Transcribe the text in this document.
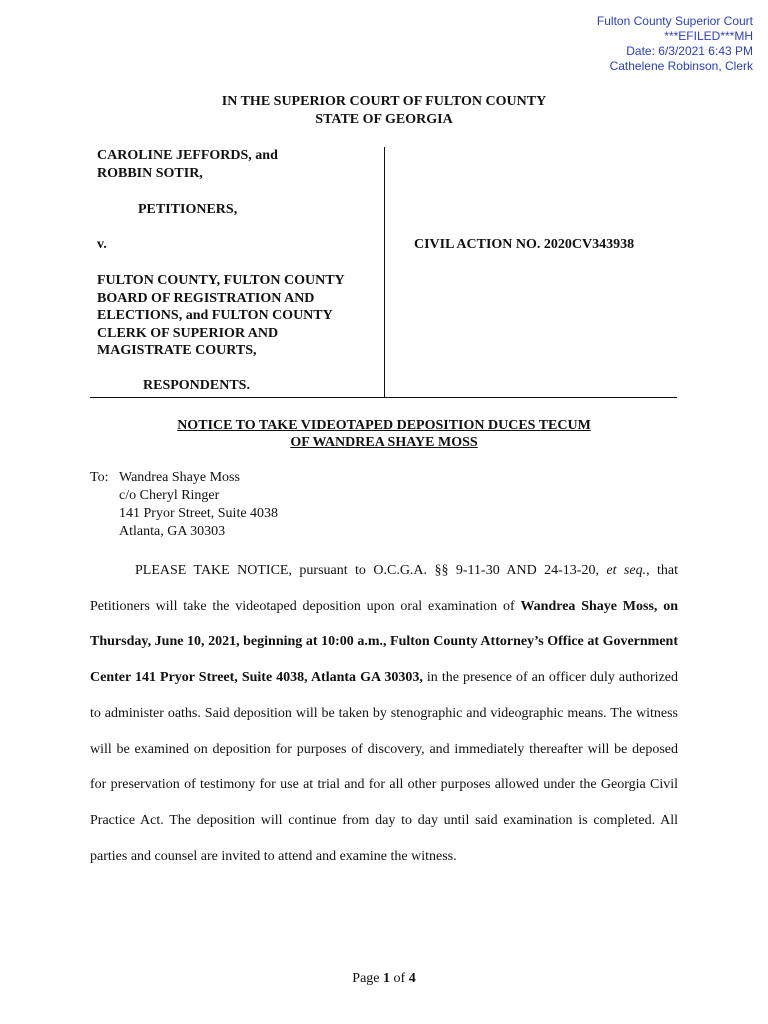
Fulton County Superior Court
***EFILED***MH
Date: 6/3/2021 6:43 PM
Cathelene Robinson, Clerk
IN THE SUPERIOR COURT OF FULTON COUNTY
STATE OF GEORGIA
CAROLINE JEFFORDS, and
ROBBIN SOTIR,
PETITIONERS,
v.
FULTON COUNTY, FULTON COUNTY
BOARD OF REGISTRATION AND
ELECTIONS, and FULTON COUNTY
CLERK OF SUPERIOR AND
MAGISTRATE COURTS,
RESPONDENTS.
CIVIL ACTION NO. 2020CV343938
NOTICE TO TAKE VIDEOTAPED DEPOSITION DUCES TECUM
OF WANDREA SHAYE MOSS
To: Wandrea Shaye Moss
c/o Cheryl Ringer
141 Pryor Street, Suite 4038
Atlanta, GA 30303

PLEASE TAKE NOTICE, pursuant to O.C.G.A. §§ 9-11-30 AND 24-13-20, et seq., that Petitioners will take the videotaped deposition upon oral examination of Wandrea Shaye Moss, on Thursday, June 10, 2021, beginning at 10:00 a.m., Fulton County Attorney’s Office at Government Center 141 Pryor Street, Suite 4038, Atlanta GA 30303, in the presence of an officer duly authorized to administer oaths. Said deposition will be taken by stenographic and videographic means. The witness will be examined on deposition for purposes of discovery, and immediately thereafter will be deposed for preservation of testimony for use at trial and for all other purposes allowed under the Georgia Civil Practice Act. The deposition will continue from day to day until said examination is completed. All parties and counsel are invited to attend and examine the witness.

Page 1 of 4
